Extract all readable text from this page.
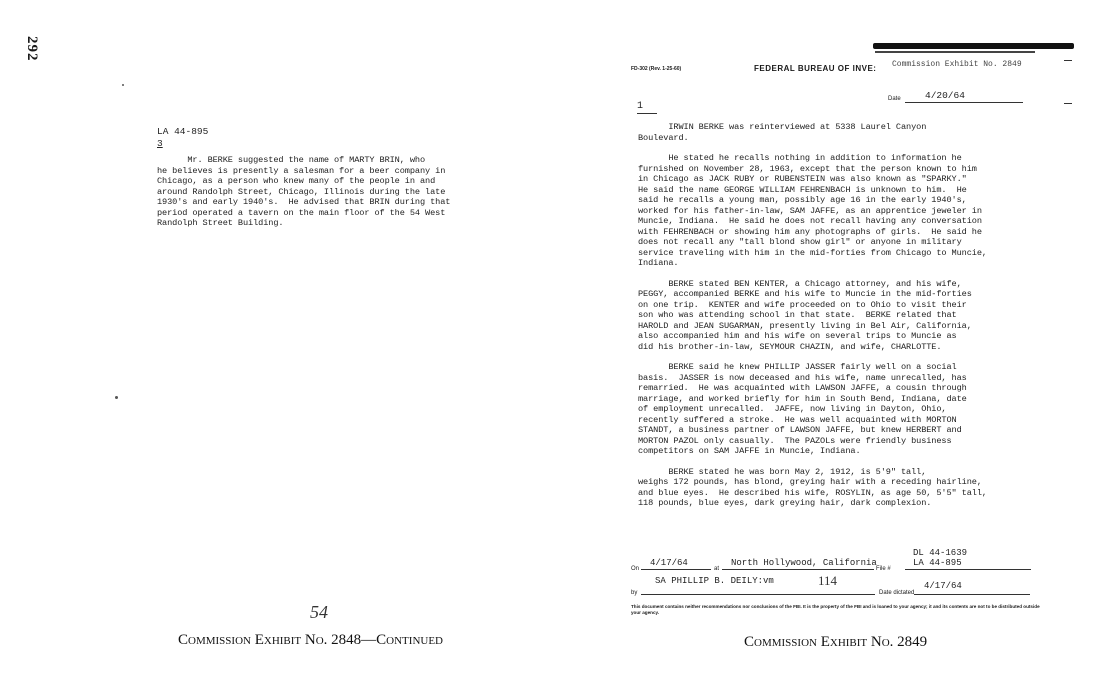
292
LA 44-895
3
Mr. BERKE suggested the name of MARTY BRIN, who
he believes is presently a salesman for a beer company in
Chicago, as a person who knew many of the people in and
around Randolph Street, Chicago, Illinois during the late
1930's and early 1940's.  He advised that BRIN during that
period operated a tavern on the main floor of the 54 West
Randolph Street Building.
54
Commission Exhibit No. 2848—Continued
FD-302 (Rev. 1-25-60)	FEDERAL BUREAU OF INVE: Commission Exhibit No. 2849
Date	4/20/64
1
IRWIN BERKE was reinterviewed at 5338 Laurel Canyon
Boulevard.
He stated he recalls nothing in addition to information he
furnished on November 28, 1963, except that the person known to him
in Chicago as JACK RUBY or RUBENSTEIN was also known as "SPARKY."
He said the name GEORGE WILLIAM FEHRENBACH is unknown to him.  He
said he recalls a young man, possibly age 16 in the early 1940's,
worked for his father-in-law, SAM JAFFE, as an apprentice jeweler in
Muncie, Indiana.  He said he does not recall having any conversation
with FEHRENBACH or showing him any photographs of girls.  He said he
does not recall any "tall blond show girl" or anyone in military
service traveling with him in the mid-forties from Chicago to Muncie,
Indiana.
BERKE stated BEN KENTER, a Chicago attorney, and his wife,
PEGGY, accompanied BERKE and his wife to Muncie in the mid-forties
on one trip.  KENTER and wife proceeded on to Ohio to visit their
son who was attending school in that state.  BERKE related that
HAROLD and JEAN SUGARMAN, presently living in Bel Air, California,
also accompanied him and his wife on several trips to Muncie as
did his brother-in-law, SEYMOUR CHAZIN, and wife, CHARLOTTE.
BERKE said he knew PHILLIP JASSER fairly well on a social
basis.  JASSER is now deceased and his wife, name unrecalled, has
remarried.  He was acquainted with LAWSON JAFFE, a cousin through
marriage, and worked briefly for him in South Bend, Indiana, date
of employment unrecalled.  JAFFE, now living in Dayton, Ohio,
recently suffered a stroke.  He was well acquainted with MORTON
STANDT, a business partner of LAWSON JAFFE, but knew HERBERT and
MORTON PAZOL only casually.  The PAZOLs were friendly business
competitors on SAM JAFFE in Muncie, Indiana.
BERKE stated he was born May 2, 1912, is 5'9" tall,
weighs 172 pounds, has blond, greying hair with a receding hairline,
and blue eyes.  He described his wife, ROSYLIN, as age 50, 5'5" tall,
118 pounds, blue eyes, dark greying hair, dark complexion.
On
4/17/64
at
North Hollywood, California
File #
DL 44-1639
LA 44-895
by
SA PHILLIP B. DEILY:vm	114
Date dictated
4/17/64
This document contains neither recommendations nor conclusions of the FBI. It is the property of the FBI and is loaned to your agency; it and its contents are not to be distributed outside your agency.
Commission Exhibit No. 2849
